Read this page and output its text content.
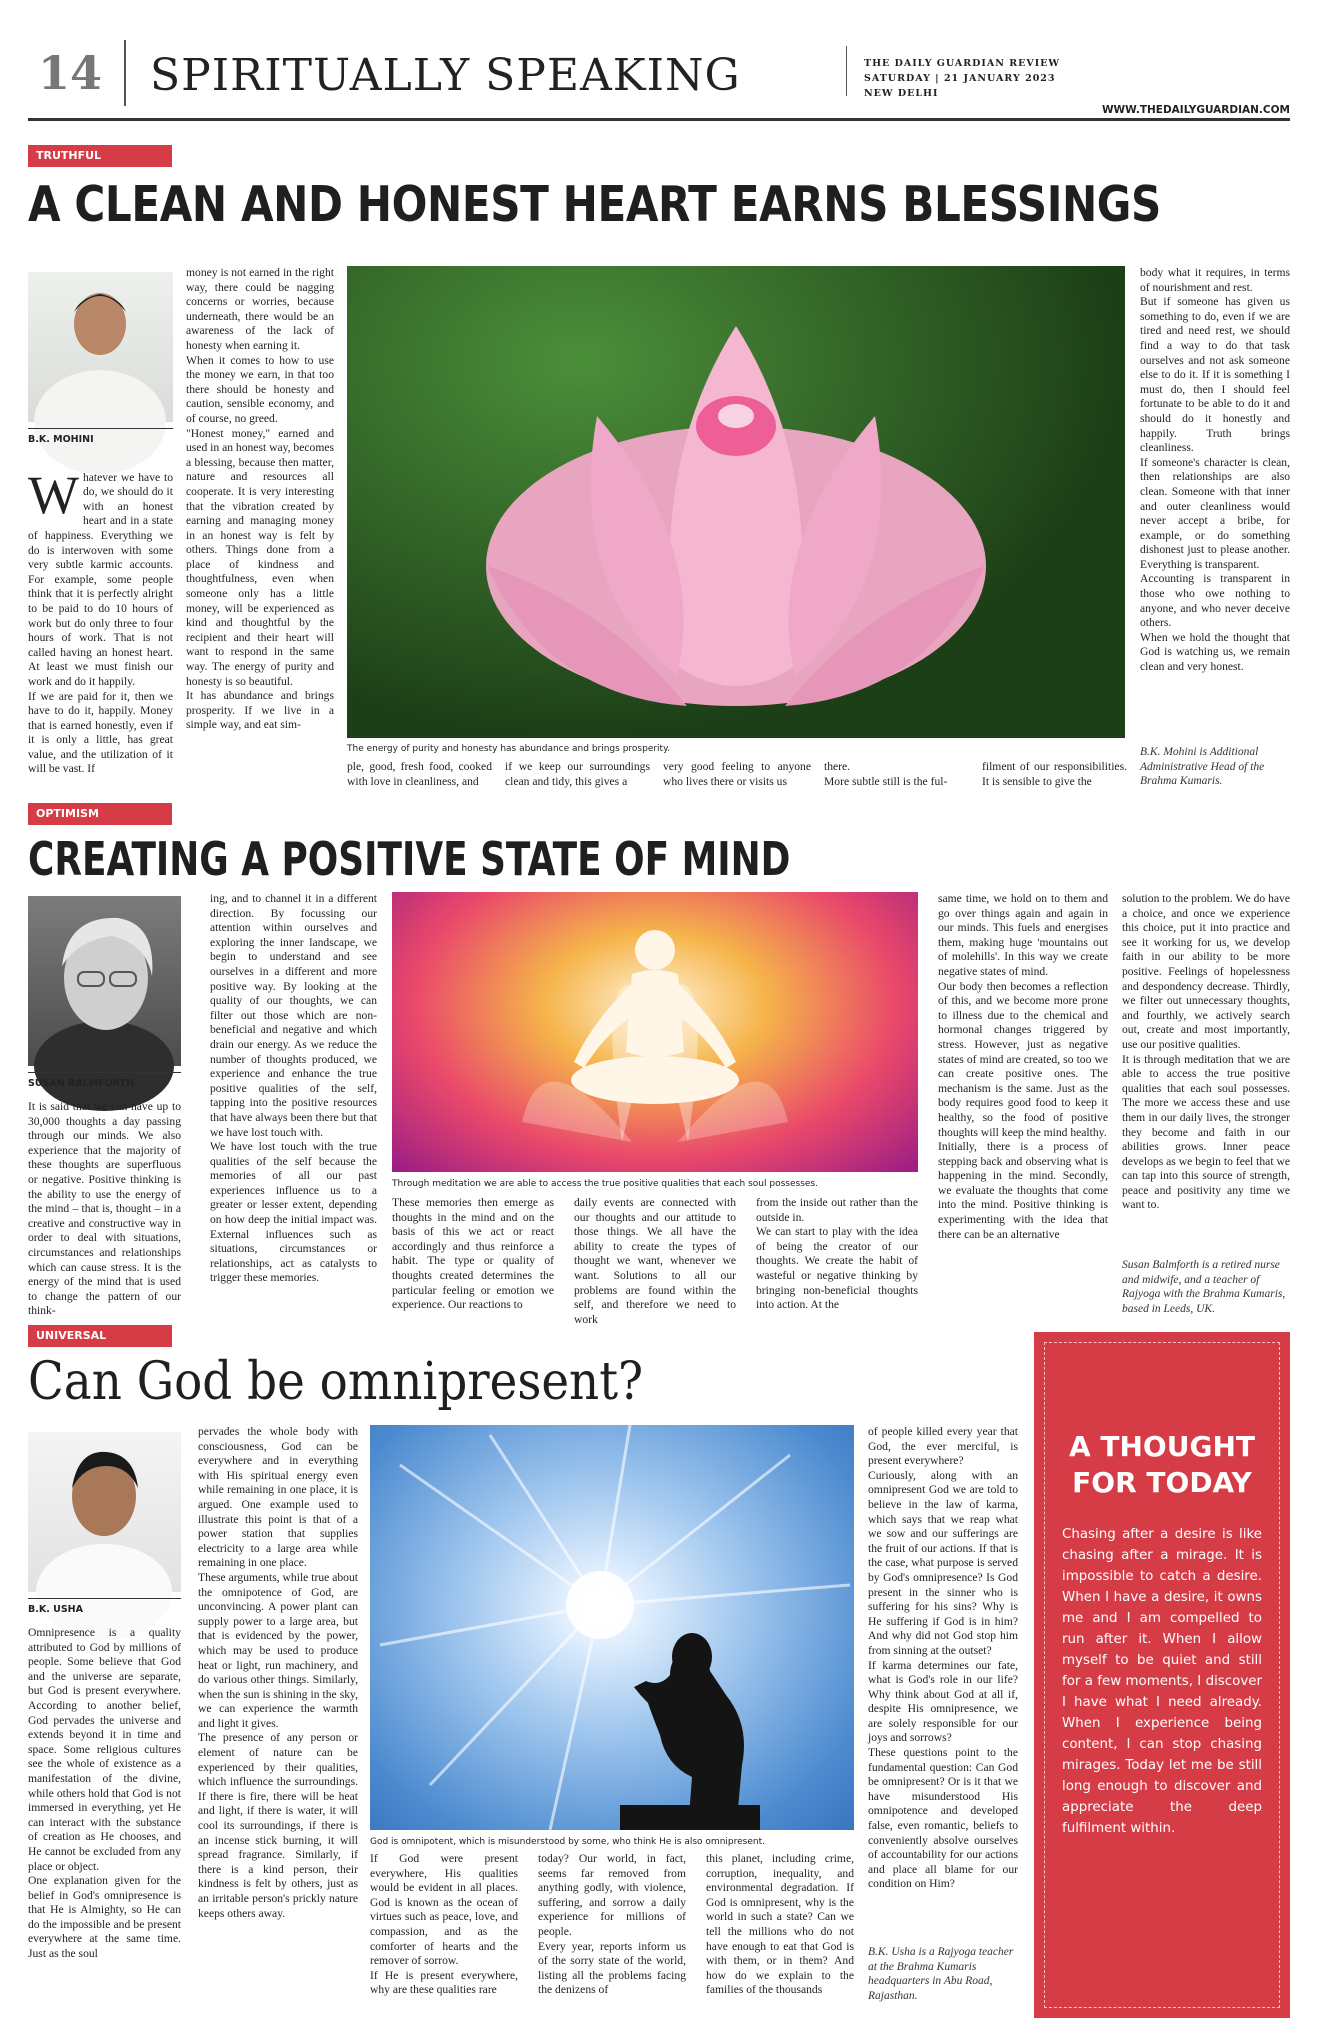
14 SPIRITUALLY SPEAKING	THE DAILY GUARDIAN REVIEW
SATURDAY | 21 JANUARY 2023
NEW DELHI
WWW.THEDAILYGUARDIAN.COM
TRUTHFUL
A CLEAN AND HONEST HEART EARNS BLESSINGS
B.K. MOHINI

Whatever we have to do, we should do it with an honest heart and in a state of happiness. Everything we do is interwoven with some very subtle karmic accounts. For example, some people think that it is perfectly alright to be paid to do 10 hours of work but do only three to four hours of work. That is not called having an honest heart. At least we must finish our work and do it happily.
If we are paid for it, then we have to do it, happily. Money that is earned honestly, even if it is only a little, has great value, and the utilization of it will be vast. If

money is not earned in the right way, there could be nagging concerns or worries, because underneath, there would be an awareness of the lack of honesty when earning it.
When it comes to how to use the money we earn, in that too there should be honesty and caution, sensible economy, and of course, no greed.
"Honest money," earned and used in an honest way, becomes a blessing, because then matter, nature and resources all cooperate. It is very interesting that the vibration created by earning and managing money in an honest way is felt by others. Things done from a place of kindness and thoughtfulness, even when someone only has a little money, will be experienced as kind and thoughtful by the recipient and their heart will want to respond in the same way. The energy of purity and honesty is so beautiful.
It has abundance and brings prosperity. If we live in a simple way, and eat sim-
The energy of purity and honesty has abundance and brings prosperity.
ple, good, fresh food, cooked with love in cleanliness, and
if we keep our surroundings clean and tidy, this gives a
very good feeling to anyone who lives there or visits us
there.
More subtle still is the ful-
filment of our responsibilities. It is sensible to give the
body what it requires, in terms of nourishment and rest.
But if someone has given us something to do, even if we are tired and need rest, we should find a way to do that task ourselves and not ask someone else to do it. If it is something I must do, then I should feel fortunate to be able to do it and should do it honestly and happily. Truth brings cleanliness.
If someone's character is clean, then relationships are also clean. Someone with that inner and outer cleanliness would never accept a bribe, for example, or do something dishonest just to please another. Everything is transparent.
Accounting is transparent in those who owe nothing to anyone, and who never deceive others.
When we hold the thought that God is watching us, we remain clean and very honest.
B.K. Mohini is Additional Administrative Head of the Brahma Kumaris.
OPTIMISM
CREATING A POSITIVE STATE OF MIND
SUSAN BALMFORTH
It is said that we can have up to 30,000 thoughts a day passing through our minds. We also experience that the majority of these thoughts are superfluous or negative. Positive thinking is the ability to use the energy of the mind – that is, thought – in a creative and constructive way in order to deal with situations, circumstances and relationships which can cause stress. It is the energy of the mind that is used to change the pattern of our think-
ing, and to channel it in a different direction. By focussing our attention within ourselves and exploring the inner landscape, we begin to understand and see ourselves in a different and more positive way. By looking at the quality of our thoughts, we can filter out those which are non-beneficial and negative and which drain our energy. As we reduce the number of thoughts produced, we experience and enhance the true positive qualities of the self, tapping into the positive resources that have always been there but that we have lost touch with.
We have lost touch with the true qualities of the self because the memories of all our past experiences influence us to a greater or lesser extent, depending on how deep the initial impact was. External influences such as situations, circumstances or relationships, act as catalysts to trigger these memories.
Through meditation we are able to access the true positive qualities that each soul possesses.
These memories then emerge as thoughts in the mind and on the basis of this we act or react accordingly and thus reinforce a habit. The type or quality of thoughts created determines the particular feeling or emotion we experience. Our reactions to
daily events are connected with our thoughts and our attitude to those things. We all have the ability to create the types of thought we want, whenever we want. Solutions to all our problems are found within the self, and therefore we need to work
from the inside out rather than the outside in.
We can start to play with the idea of being the creator of our thoughts. We create the habit of wasteful or negative thinking by bringing non-beneficial thoughts into action. At the
same time, we hold on to them and go over things again and again in our minds. This fuels and energises them, making huge 'mountains out of molehills'. In this way we create negative states of mind.
Our body then becomes a reflection of this, and we become more prone to illness due to the chemical and hormonal changes triggered by stress. However, just as negative states of mind are created, so too we can create positive ones. The mechanism is the same. Just as the body requires good food to keep it healthy, so the food of positive thoughts will keep the mind healthy.
Initially, there is a process of stepping back and observing what is happening in the mind. Secondly, we evaluate the thoughts that come into the mind. Positive thinking is experimenting with the idea that there can be an alternative
solution to the problem. We do have a choice, and once we experience this choice, put it into practice and see it working for us, we develop faith in our ability to be more positive. Feelings of hopelessness and despondency decrease. Thirdly, we filter out unnecessary thoughts, and fourthly, we actively search out, create and most importantly, use our positive qualities.
It is through meditation that we are able to access the true positive qualities that each soul possesses. The more we access these and use them in our daily lives, the stronger they become and faith in our abilities grows. Inner peace develops as we begin to feel that we can tap into this source of strength, peace and positivity any time we want to.
Susan Balmforth is a retired nurse and midwife, and a teacher of Rajyoga with the Brahma Kumaris, based in Leeds, UK.
UNIVERSAL
Can God be omnipresent?
B.K. USHA
Omnipresence is a quality attributed to God by millions of people. Some believe that God and the universe are separate, but God is present everywhere. According to another belief, God pervades the universe and extends beyond it in time and space. Some religious cultures see the whole of existence as a manifestation of the divine, while others hold that God is not immersed in everything, yet He can interact with the substance of creation as He chooses, and He cannot be excluded from any place or object.
One explanation given for the belief in God's omnipresence is that He is Almighty, so He can do the impossible and be present everywhere at the same time. Just as the soul
pervades the whole body with consciousness, God can be everywhere and in everything with His spiritual energy even while remaining in one place, it is argued. One example used to illustrate this point is that of a power station that supplies electricity to a large area while remaining in one place.
These arguments, while true about the omnipotence of God, are unconvincing. A power plant can supply power to a large area, but that is evidenced by the power, which may be used to produce heat or light, run machinery, and do various other things. Similarly, when the sun is shining in the sky, we can experience the warmth and light it gives.
The presence of any person or element of nature can be experienced by their qualities, which influence the surroundings. If there is fire, there will be heat and light, if there is water, it will cool its surroundings, if there is an incense stick burning, it will spread fragrance. Similarly, if there is a kind person, their kindness is felt by others, just as an irritable person's prickly nature keeps others away.
God is omnipotent, which is misunderstood by some, who think He is also omnipresent.
If God were present everywhere, His qualities would be evident in all places. God is known as the ocean of virtues such as peace, love, and compassion, and as the comforter of hearts and the remover of sorrow.
If He is present everywhere, why are these qualities rare
today? Our world, in fact, seems far removed from anything godly, with violence, suffering, and sorrow a daily experience for millions of people.
Every year, reports inform us of the sorry state of the world, listing all the problems facing the denizens of
this planet, including crime, corruption, inequality, and environmental degradation. If God is omnipresent, why is the world in such a state? Can we tell the millions who do not have enough to eat that God is with them, or in them? And how do we explain to the families of the thousands
of people killed every year that God, the ever merciful, is present everywhere?
Curiously, along with an omnipresent God we are told to believe in the law of karma, which says that we reap what we sow and our sufferings are the fruit of our actions. If that is the case, what purpose is served by God's omnipresence? Is God present in the sinner who is suffering for his sins? Why is He suffering if God is in him? And why did not God stop him from sinning at the outset?
If karma determines our fate, what is God's role in our life? Why think about God at all if, despite His omnipresence, we are solely responsible for our joys and sorrows?
These questions point to the fundamental question: Can God be omnipresent? Or is it that we have misunderstood His omnipotence and developed false, even romantic, beliefs to conveniently absolve ourselves of accountability for our actions and place all blame for our condition on Him?
B.K. Usha is a Rajyoga teacher at the Brahma Kumaris headquarters in Abu Road, Rajasthan.
A THOUGHT
FOR TODAY
Chasing after a desire is like chasing after a mirage. It is impossible to catch a desire. When I have a desire, it owns me and I am compelled to run after it. When I allow myself to be quiet and still for a few moments, I discover I have what I need already. When I experience being content, I can stop chasing mirages. Today let me be still long enough to discover and appreciate the deep fulfilment within.
